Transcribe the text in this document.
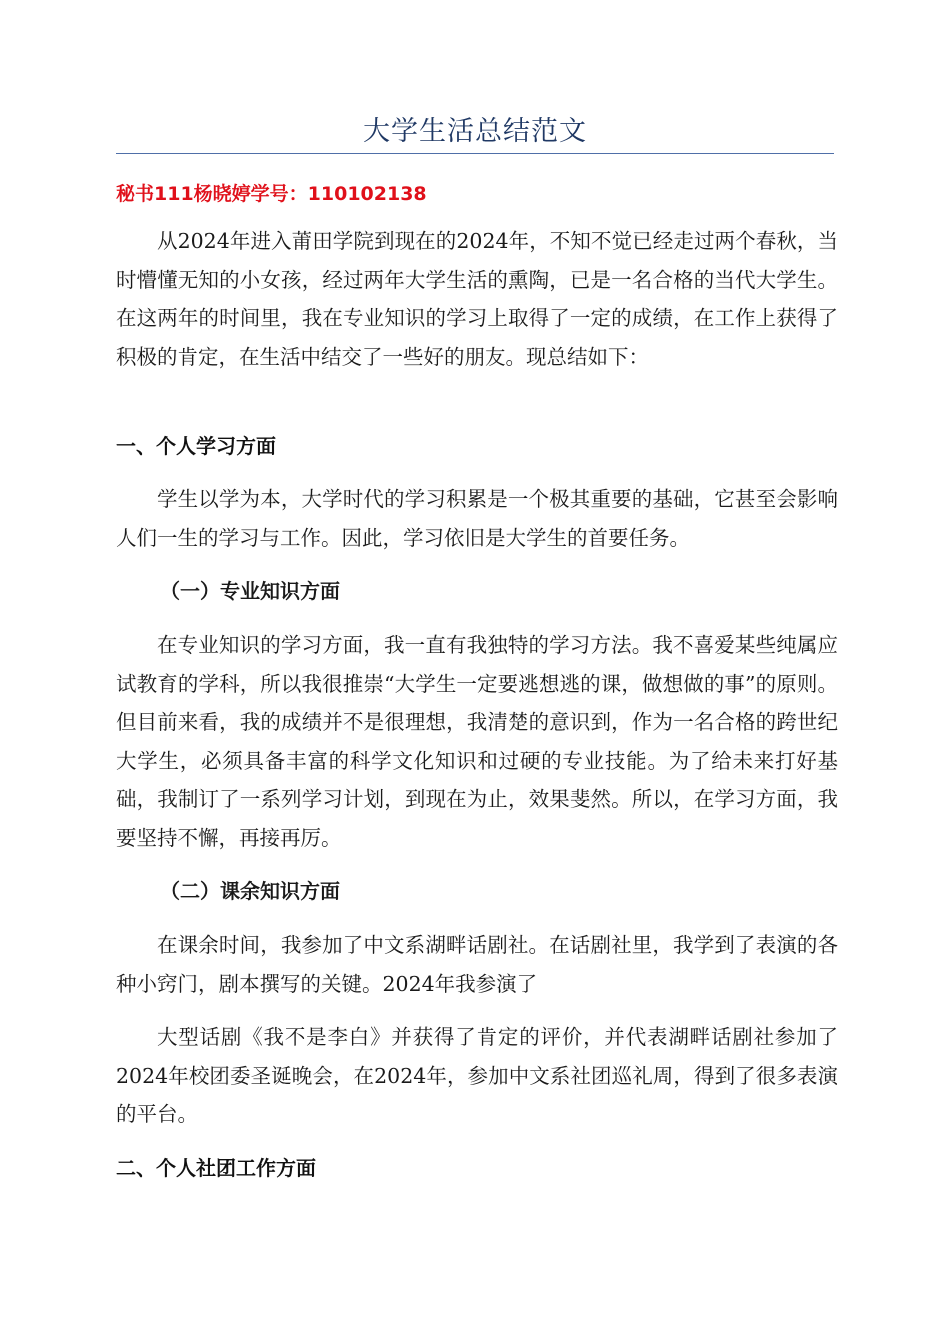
大学生活总结范文
秘书111杨晓婷学号：110102138

从2024年进入莆田学院到现在的2024年，不知不觉已经走过两个春秋，当时懵懂无知的小女孩，经过两年大学生活的熏陶，已是一名合格的当代大学生。在这两年的时间里，我在专业知识的学习上取得了一定的成绩，在工作上获得了积极的肯定，在生活中结交了一些好的朋友。现总结如下：

一、个人学习方面

学生以学为本，大学时代的学习积累是一个极其重要的基础，它甚至会影响人们一生的学习与工作。因此，学习依旧是大学生的首要任务。

（一）专业知识方面

在专业知识的学习方面，我一直有我独特的学习方法。我不喜爱某些纯属应试教育的学科，所以我很推崇“大学生一定要逃想逃的课，做想做的事”的原则。但目前来看，我的成绩并不是很理想，我清楚的意识到，作为一名合格的跨世纪大学生，必须具备丰富的科学文化知识和过硬的专业技能。为了给未来打好基础，我制订了一系列学习计划，到现在为止，效果斐然。所以，在学习方面，我要坚持不懈，再接再厉。

（二）课余知识方面

在课余时间，我参加了中文系湖畔话剧社。在话剧社里，我学到了表演的各种小窍门，剧本撰写的关键。2024年我参演了

大型话剧《我不是李白》并获得了肯定的评价，并代表湖畔话剧社参加了2024年校团委圣诞晚会，在2024年，参加中文系社团巡礼周，得到了很多表演的平台。

二、个人社团工作方面
